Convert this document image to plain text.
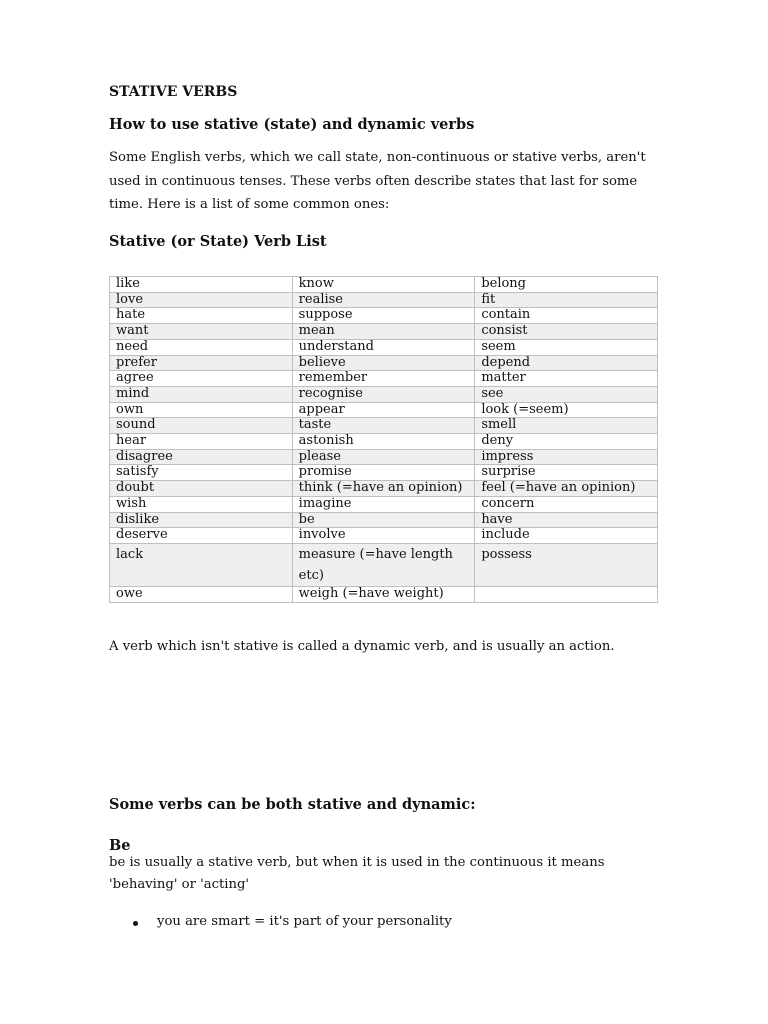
STATIVE VERBS
How to use stative (state) and dynamic verbs

Some English verbs, which we call state, non-continuous or stative verbs, aren't used in continuous tenses. These verbs often describe states that last for some time. Here is a list of some common ones:

Stative (or State) Verb List
like	know	belong
love	realise	fit
hate	suppose	contain
want	mean	consist
need	understand	seem
prefer	believe	depend
agree	remember	matter
mind	recognise	see
own	appear	look (=seem)
sound	taste	smell
hear	astonish	deny
disagree	please	impress
satisfy	promise	surprise
doubt	think (=have an opinion)	feel (=have an opinion)
wish	imagine	concern
dislike	be	have
deserve	involve	include
lack	measure (=have length etc)	possess
owe	weigh (=have weight)	

A verb which isn't stative is called a dynamic verb, and is usually an action.

Some verbs can be both stative and dynamic:
Be

be is usually a stative verb, but when it is used in the continuous it means 'behaving' or 'acting'

you are smart = it's part of your personality
